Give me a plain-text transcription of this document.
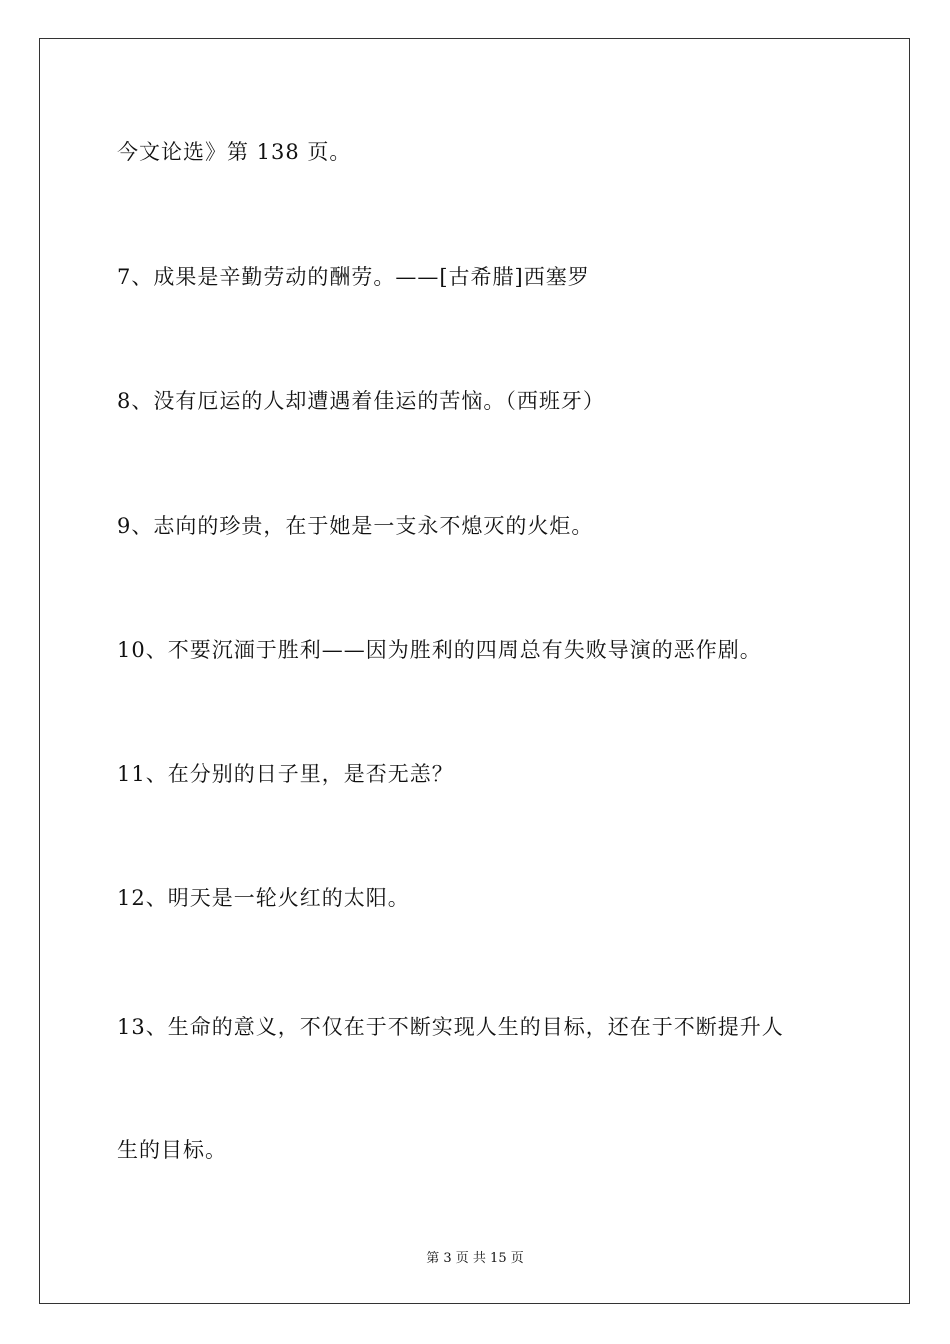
今文论选》第 138 页。
7、成果是辛勤劳动的酬劳。——[古希腊]西塞罗
8、没有厄运的人却遭遇着佳运的苦恼。（西班牙）
9、志向的珍贵，在于她是一支永不熄灭的火炬。
10、不要沉湎于胜利——因为胜利的四周总有失败导演的恶作剧。
11、在分别的日子里，是否无恙？
12、明天是一轮火红的太阳。
13、生命的意义，不仅在于不断实现人生的目标，还在于不断提升人
生的目标。
第 3 页 共 15 页
